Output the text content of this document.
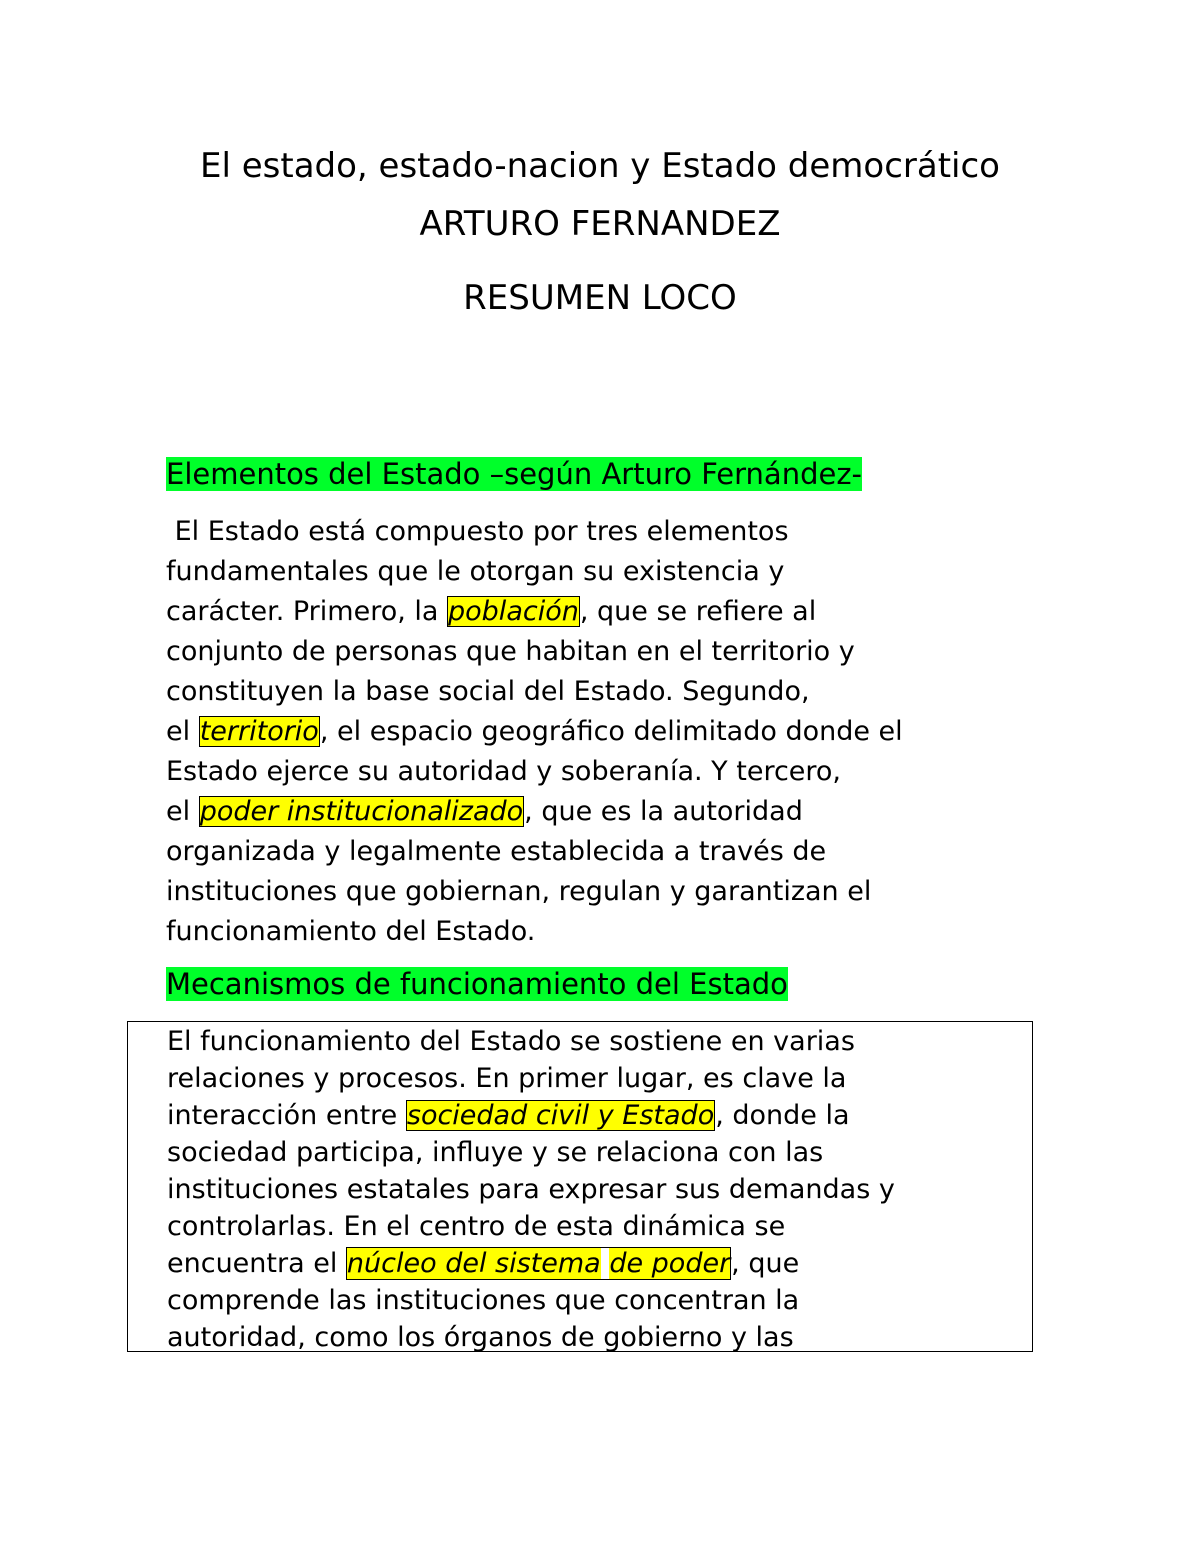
El estado, estado-nacion y Estado democrático
ARTURO FERNANDEZ
RESUMEN LOCO
Elementos del Estado –según Arturo Fernández-
El Estado está compuesto por tres elementos
fundamentales que le otorgan su existencia y
carácter. Primero, la población, que se refiere al
conjunto de personas que habitan en el territorio y
constituyen la base social del Estado. Segundo,
el territorio, el espacio geográfico delimitado donde el
Estado ejerce su autoridad y soberanía. Y tercero,
el poder institucionalizado, que es la autoridad
organizada y legalmente establecida a través de
instituciones que gobiernan, regulan y garantizan el
funcionamiento del Estado.
Mecanismos de funcionamiento del Estado
El funcionamiento del Estado se sostiene en varias
relaciones y procesos. En primer lugar, es clave la
interacción entre sociedad civil y Estado, donde la
sociedad participa, influye y se relaciona con las
instituciones estatales para expresar sus demandas y
controlarlas. En el centro de esta dinámica se
encuentra el núcleo del sistema de poder, que
comprende las instituciones que concentran la
autoridad, como los órganos de gobierno y las
